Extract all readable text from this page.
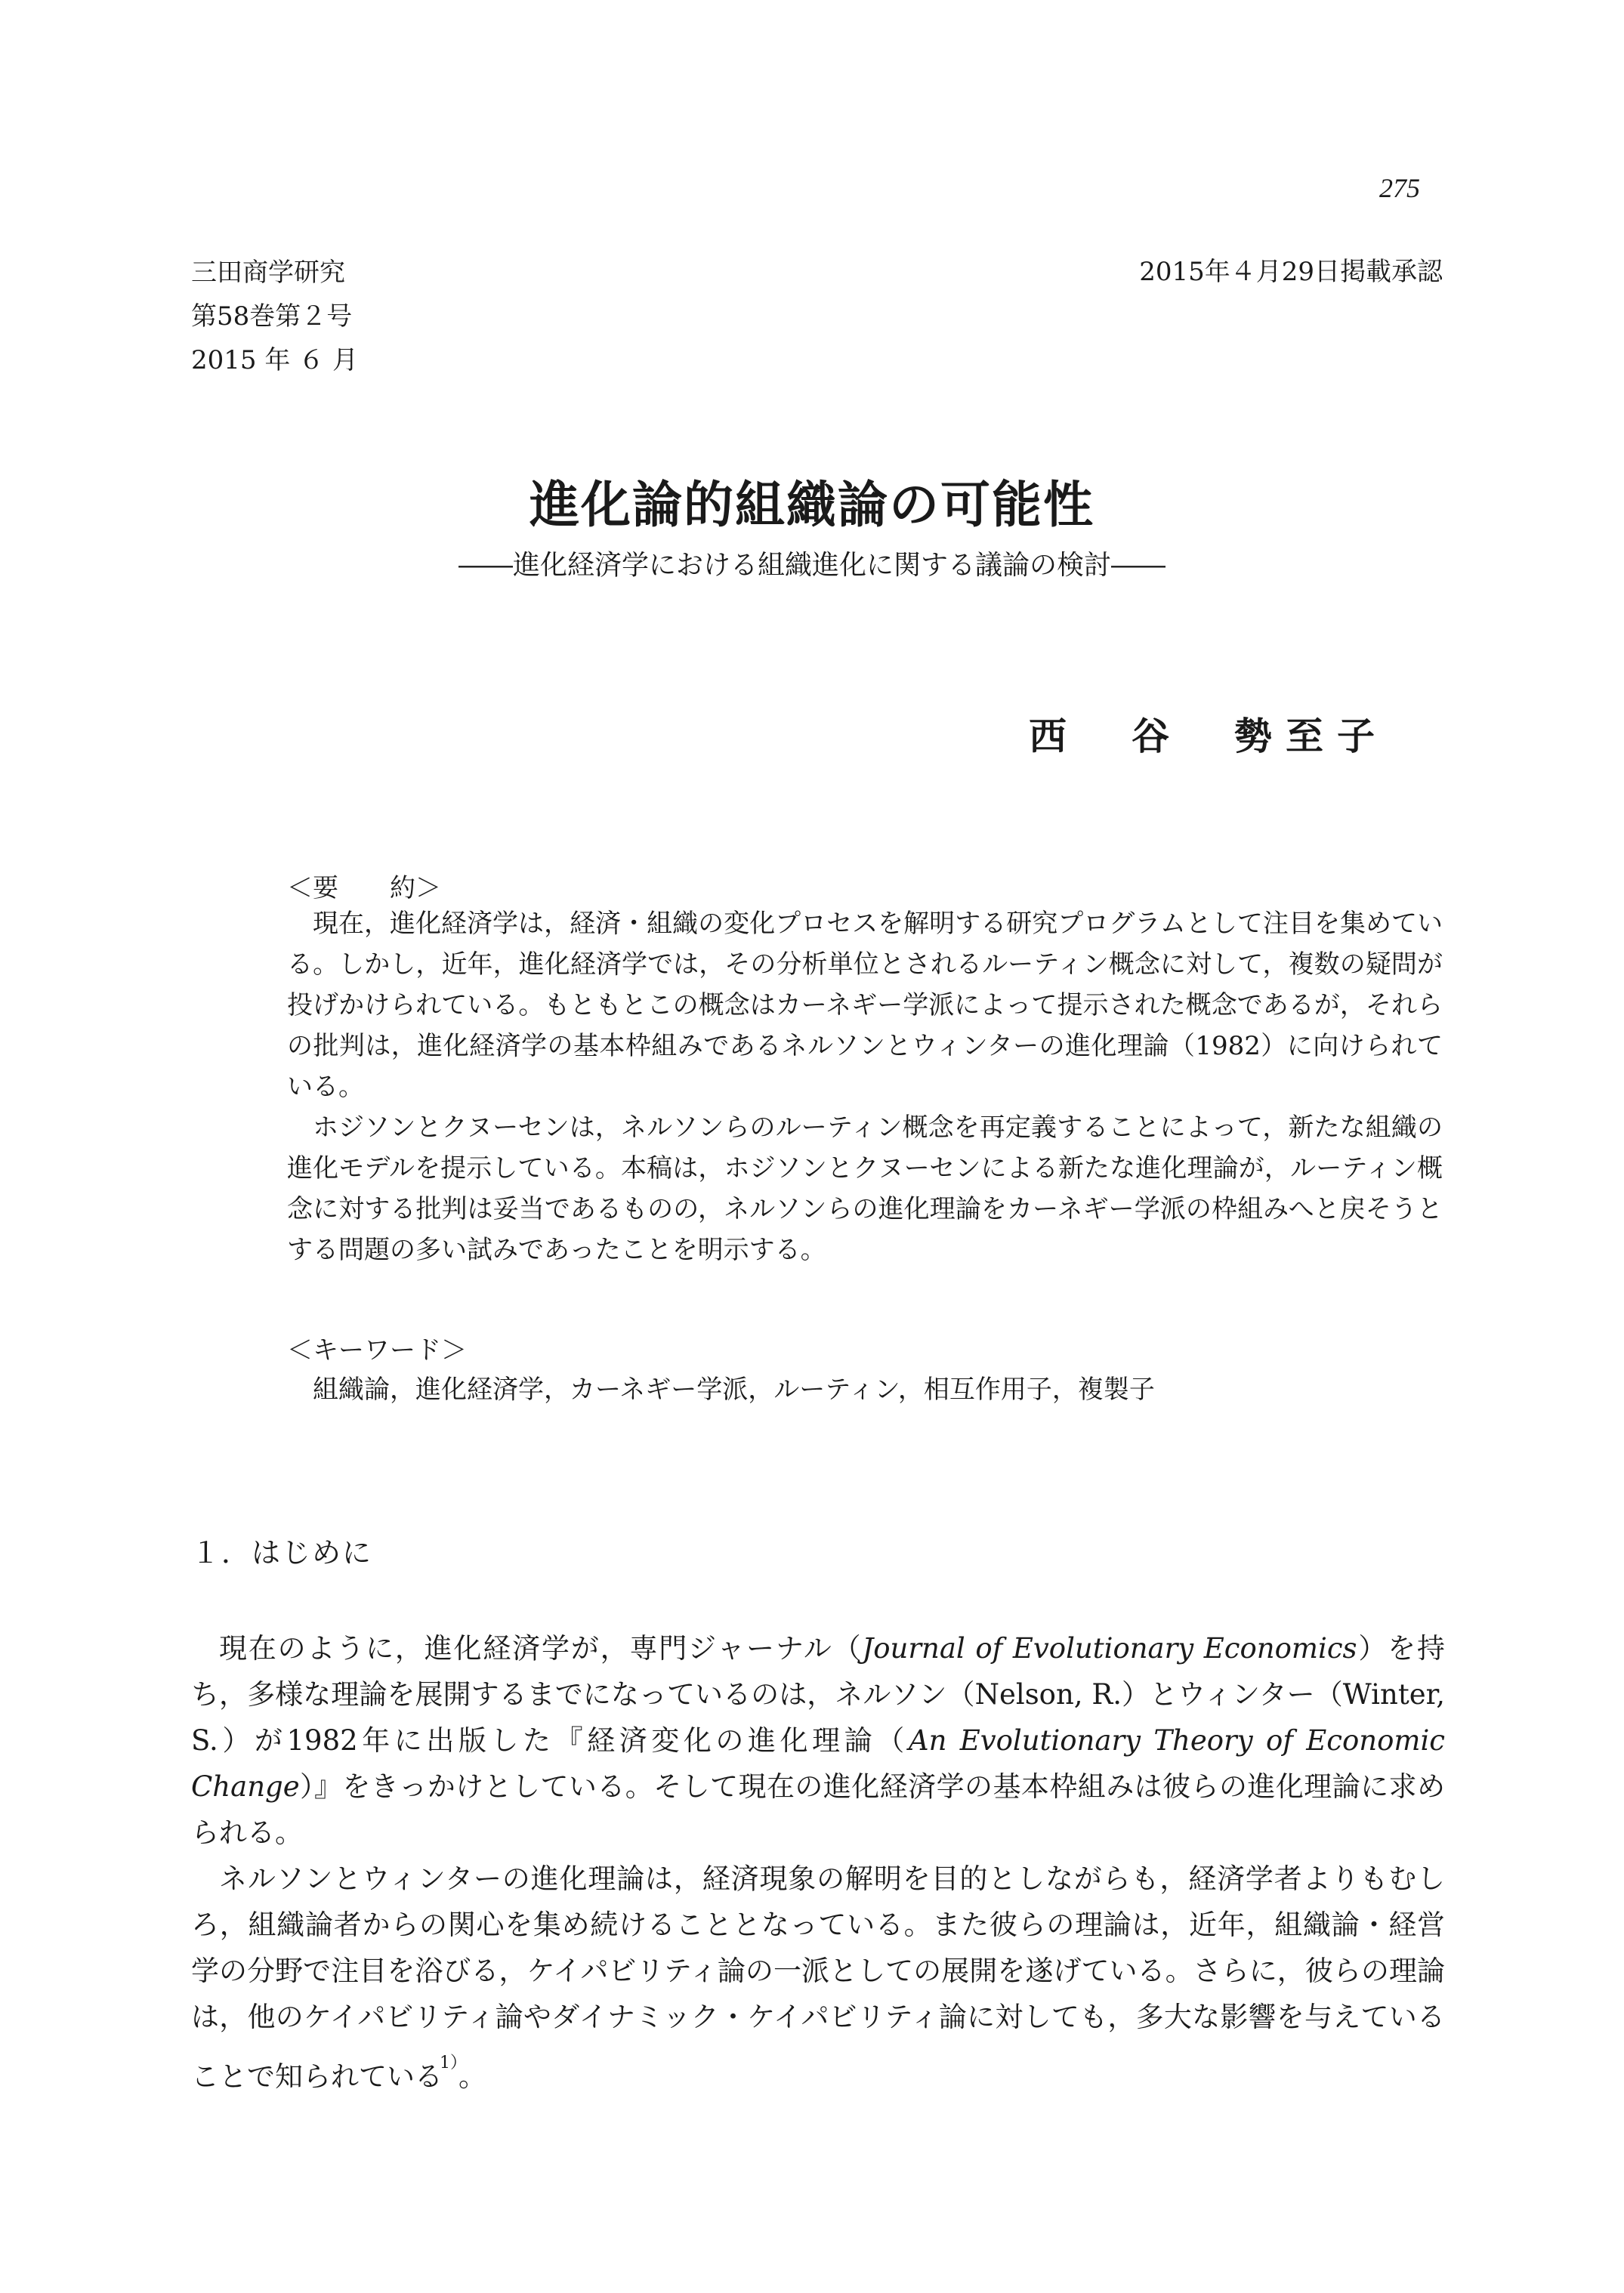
275
三田商学研究
第58巻第２号
2015 年 ６ 月
2015年４月29日掲載承認
進化論的組織論の可能性
――進化経済学における組織進化に関する議論の検討――
西　谷　勢至子
＜要　　約＞

現在，進化経済学は，経済・組織の変化プロセスを解明する研究プログラムとして注目を集めている。しかし，近年，進化経済学では，その分析単位とされるルーティン概念に対して，複数の疑問が投げかけられている。もともとこの概念はカーネギー学派によって提示された概念であるが，それらの批判は，進化経済学の基本枠組みであるネルソンとウィンターの進化理論（1982）に向けられている。

ホジソンとクヌーセンは，ネルソンらのルーティン概念を再定義することによって，新たな組織の進化モデルを提示している。本稿は，ホジソンとクヌーセンによる新たな進化理論が，ルーティン概念に対する批判は妥当であるものの，ネルソンらの進化理論をカーネギー学派の枠組みへと戻そうとする問題の多い試みであったことを明示する。

＜キーワード＞
組織論，進化経済学，カーネギー学派，ルーティン，相互作用子，複製子
１．はじめに

現在のように，進化経済学が，専門ジャーナル（Journal of Evolutionary Economics）を持ち，多様な理論を展開するまでになっているのは，ネルソン（Nelson, R.）とウィンター（Winter, S.）が1982年に出版した『経済変化の進化理論（An Evolutionary Theory of Economic Change）』をきっかけとしている。そして現在の進化経済学の基本枠組みは彼らの進化理論に求められる。

ネルソンとウィンターの進化理論は，経済現象の解明を目的としながらも，経済学者よりもむしろ，組織論者からの関心を集め続けることとなっている。また彼らの理論は，近年，組織論・経営学の分野で注目を浴びる，ケイパビリティ論の一派としての展開を遂げている。さらに，彼らの理論は，他のケイパビリティ論やダイナミック・ケイパビリティ論に対しても，多大な影響を与えていることで知られている$^{1)}$。
